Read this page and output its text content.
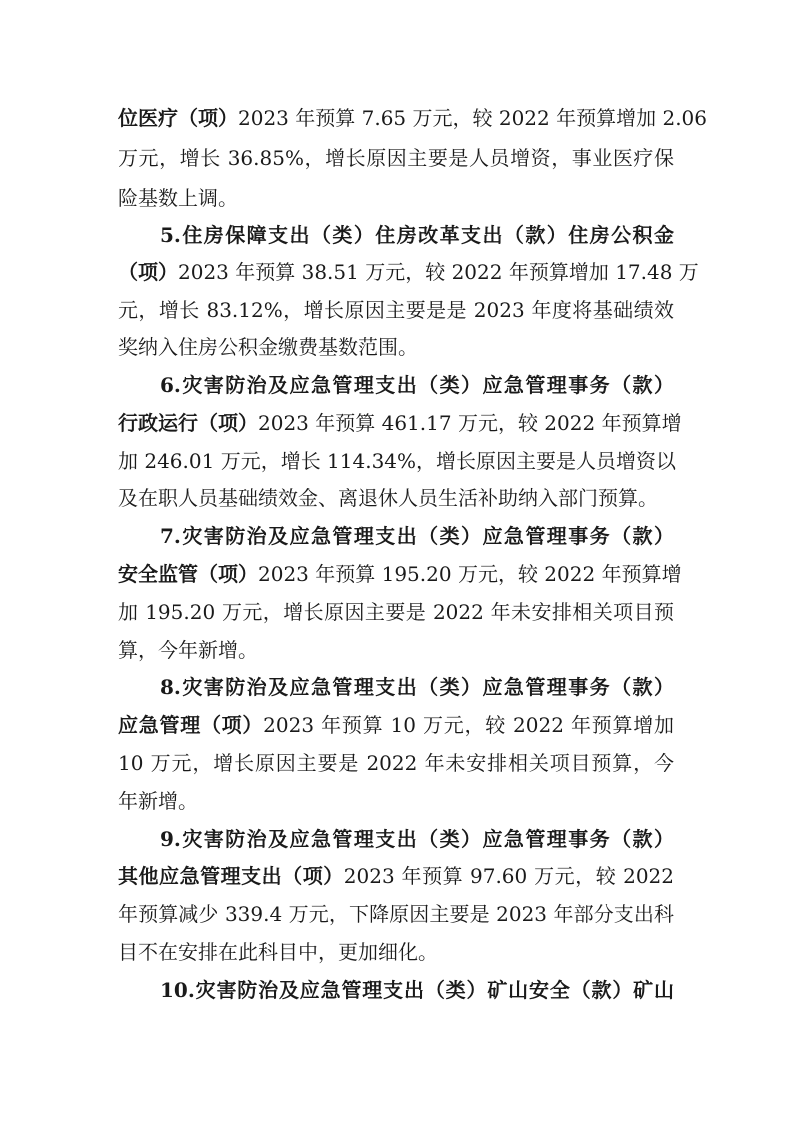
位医疗（项）2023 年预算 7.65 万元，较 2022 年预算增加 2.06
万元，增长 36.85%，增长原因主要是人员增资，事业医疗保
险基数上调。
5.住房保障支出（类）住房改革支出（款）住房公积金
（项）2023 年预算 38.51 万元，较 2022 年预算增加 17.48 万
元，增长 83.12%，增长原因主要是是 2023 年度将基础绩效
奖纳入住房公积金缴费基数范围。
6.灾害防治及应急管理支出（类）应急管理事务（款）
行政运行（项）2023 年预算 461.17 万元，较 2022 年预算增
加 246.01 万元，增长 114.34%，增长原因主要是人员增资以
及在职人员基础绩效金、离退休人员生活补助纳入部门预算。
7.灾害防治及应急管理支出（类）应急管理事务（款）
安全监管（项）2023 年预算 195.20 万元，较 2022 年预算增
加 195.20 万元，增长原因主要是 2022 年未安排相关项目预
算，今年新增。
8.灾害防治及应急管理支出（类）应急管理事务（款）
应急管理（项）2023 年预算 10 万元，较 2022 年预算增加
10 万元，增长原因主要是 2022 年未安排相关项目预算，今
年新增。
9.灾害防治及应急管理支出（类）应急管理事务（款）
其他应急管理支出（项）2023 年预算 97.60 万元，较 2022
年预算减少 339.4 万元，下降原因主要是 2023 年部分支出科
目不在安排在此科目中，更加细化。
10.灾害防治及应急管理支出（类）矿山安全（款）矿山
